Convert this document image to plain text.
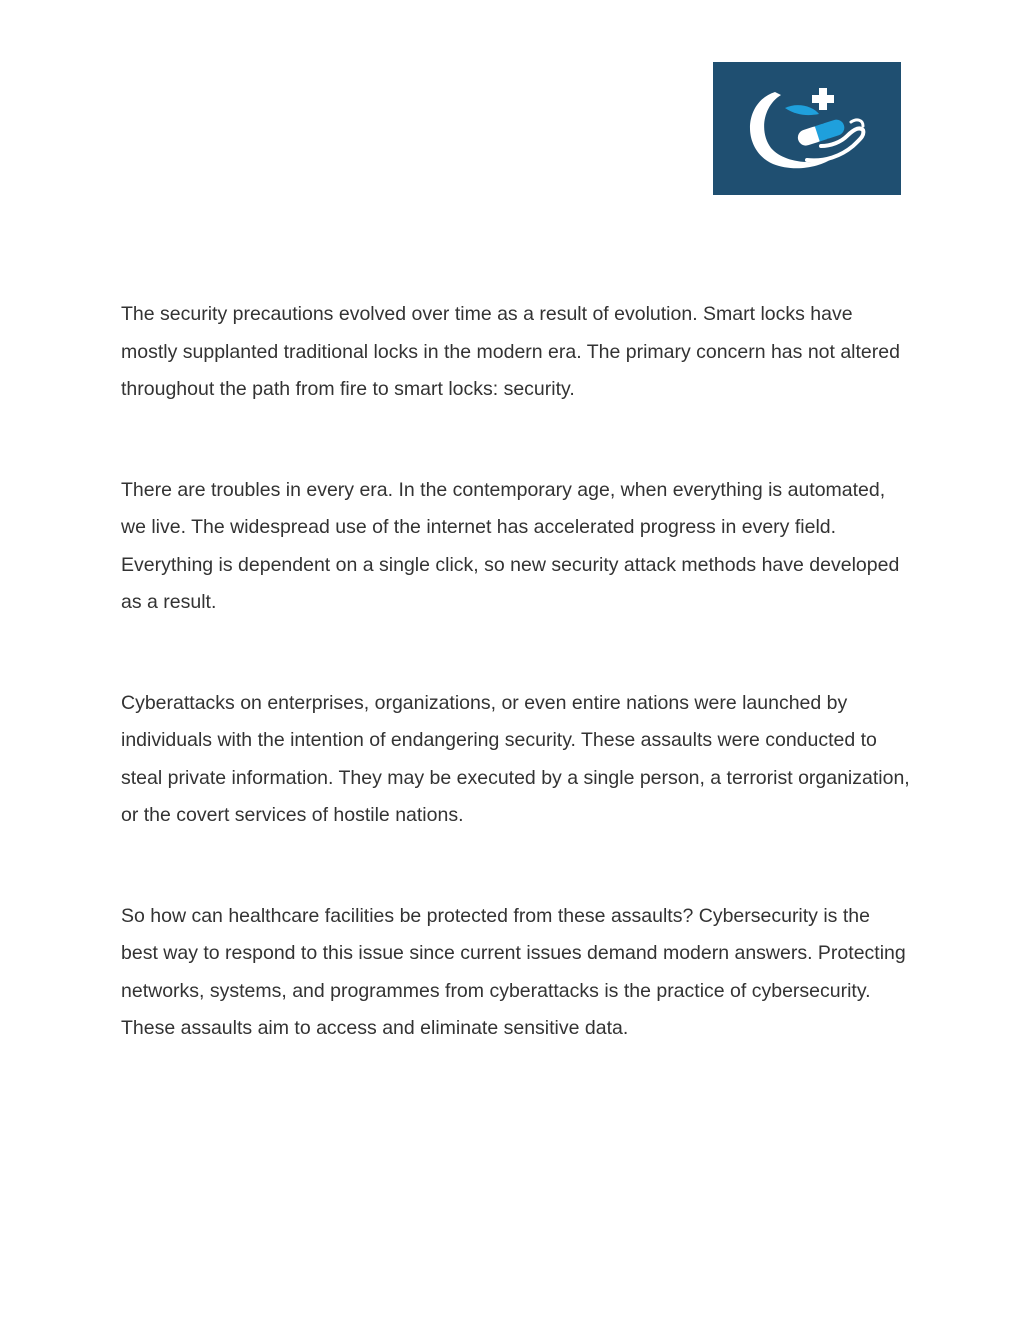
The security precautions evolved over time as a result of evolution. Smart locks have mostly supplanted traditional locks in the modern era. The primary concern has not altered throughout the path from fire to smart locks: security.

There are troubles in every era. In the contemporary age, when everything is automated, we live. The widespread use of the internet has accelerated progress in every field. Everything is dependent on a single click, so new security attack methods have developed as a result.

Cyberattacks on enterprises, organizations, or even entire nations were launched by individuals with the intention of endangering security. These assaults were conducted to steal private information. They may be executed by a single person, a terrorist organization, or the covert services of hostile nations.

So how can healthcare facilities be protected from these assaults? Cybersecurity is the best way to respond to this issue since current issues demand modern answers. Protecting networks, systems, and programmes from cyberattacks is the practice of cybersecurity. These assaults aim to access and eliminate sensitive data.
